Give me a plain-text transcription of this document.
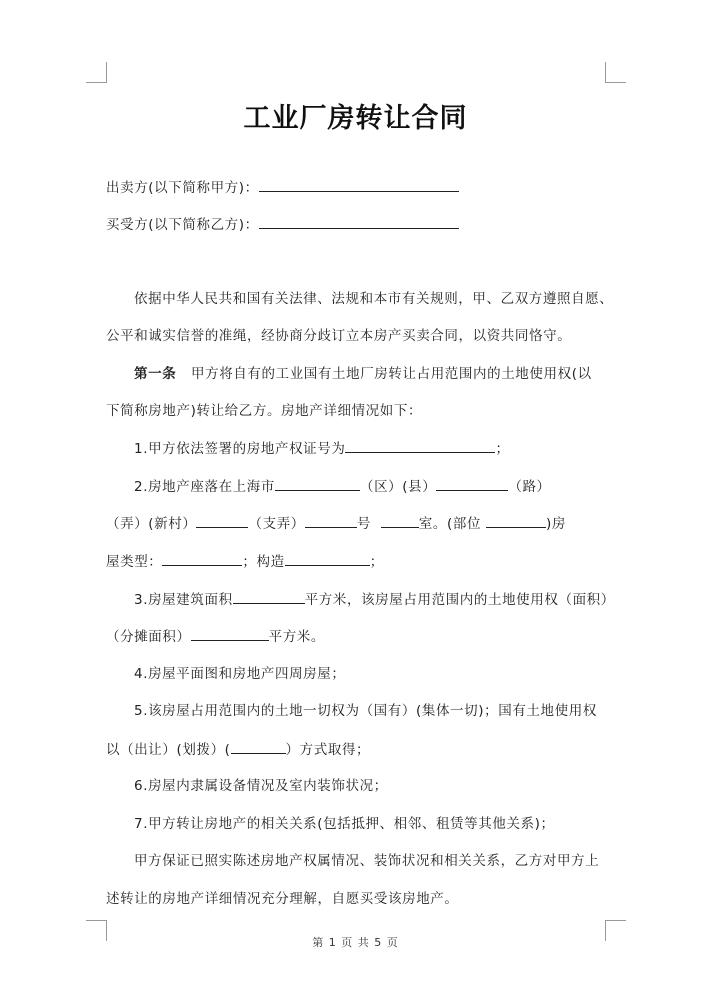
工业厂房转让合同
出卖方(以下简称甲方)：
买受方(以下简称乙方)：
依据中华人民共和国有关法律、法规和本市有关规则，甲、乙双方遵照自愿、
公平和诚实信誉的准绳，经协商分歧订立本房产买卖合同，以资共同恪守。
第一条 甲方将自有的工业国有土地厂房转让占用范围内的土地使用权(以
下简称房地产)转让给乙方。房地产详细情况如下：
1.甲方依法签署的房地产权证号为	；
2.房地产座落在上海市	（区）(县）	（路）
（弄）(新村）	（支弄）	号	室。(部位	)房
屋类型：	；构造	；
3.房屋建筑面积	平方米，该房屋占用范围内的土地使用权（面积）
（分摊面积）	平方米。
4.房屋平面图和房地产四周房屋；
5.该房屋占用范围内的土地一切权为（国有）(集体一切)；国有土地使用权
以（出让）(划拨）(	）方式取得；
6.房屋内隶属设备情况及室内装饰状况；
7.甲方转让房地产的相关关系(包括抵押、相邻、租赁等其他关系)；
甲方保证已照实陈述房地产权属情况、装饰状况和相关关系，乙方对甲方上
述转让的房地产详细情况充分理解，自愿买受该房地产。
第 1 页 共 5 页
